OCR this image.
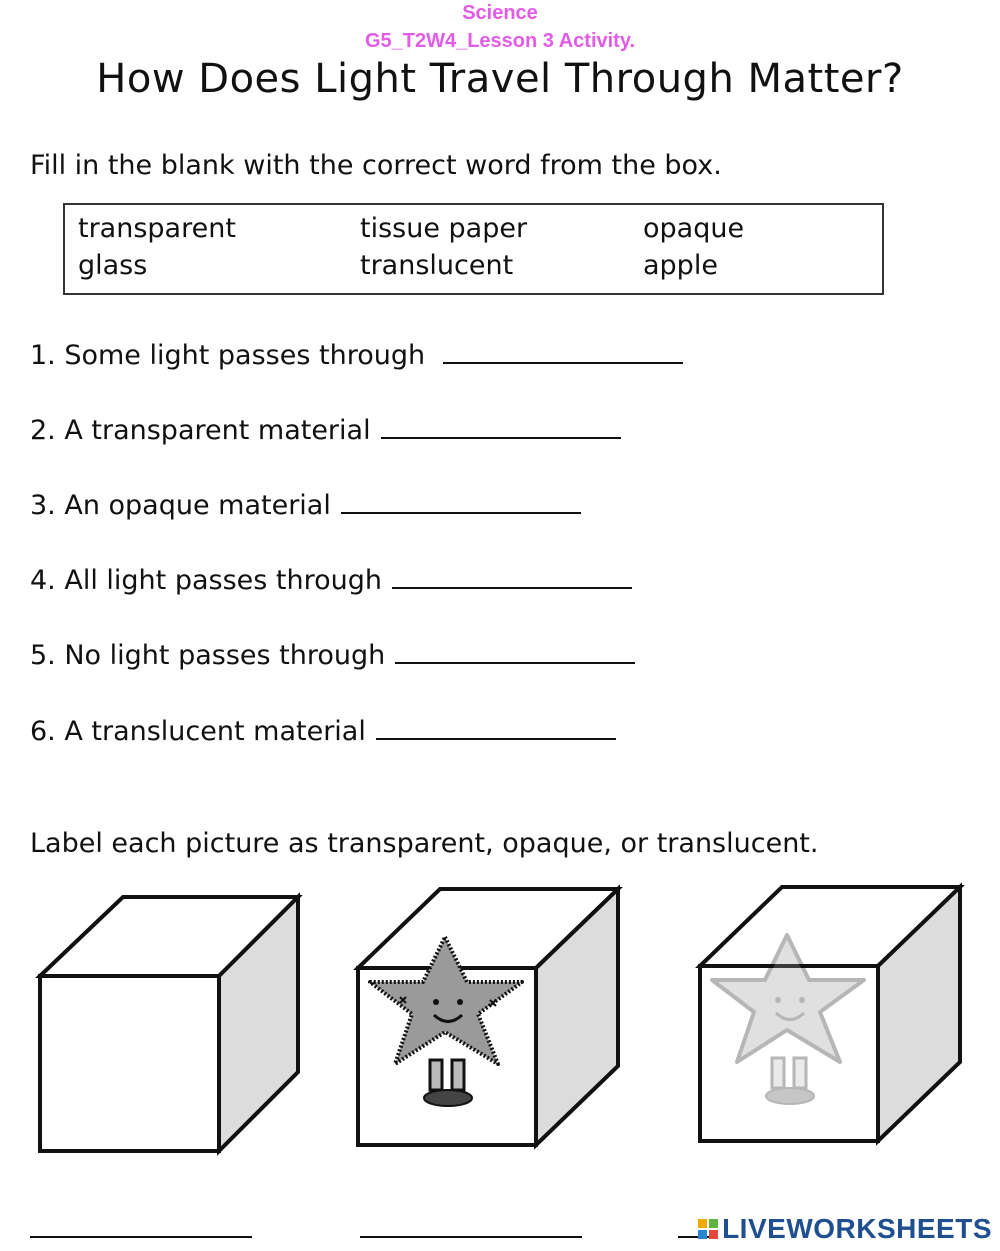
Science
G5_T2W4_Lesson 3 Activity.
How Does Light Travel Through Matter?
Fill in the blank with the correct word from the box.
transparent	tissue paper	opaque
glass	translucent	apple
1. Some light passes through
2. A transparent material
3. An opaque material
4. All light passes through
5. No light passes through
6. A translucent material
Label each picture as transparent, opaque, or translucent.
LIVEWORKSHEETS
